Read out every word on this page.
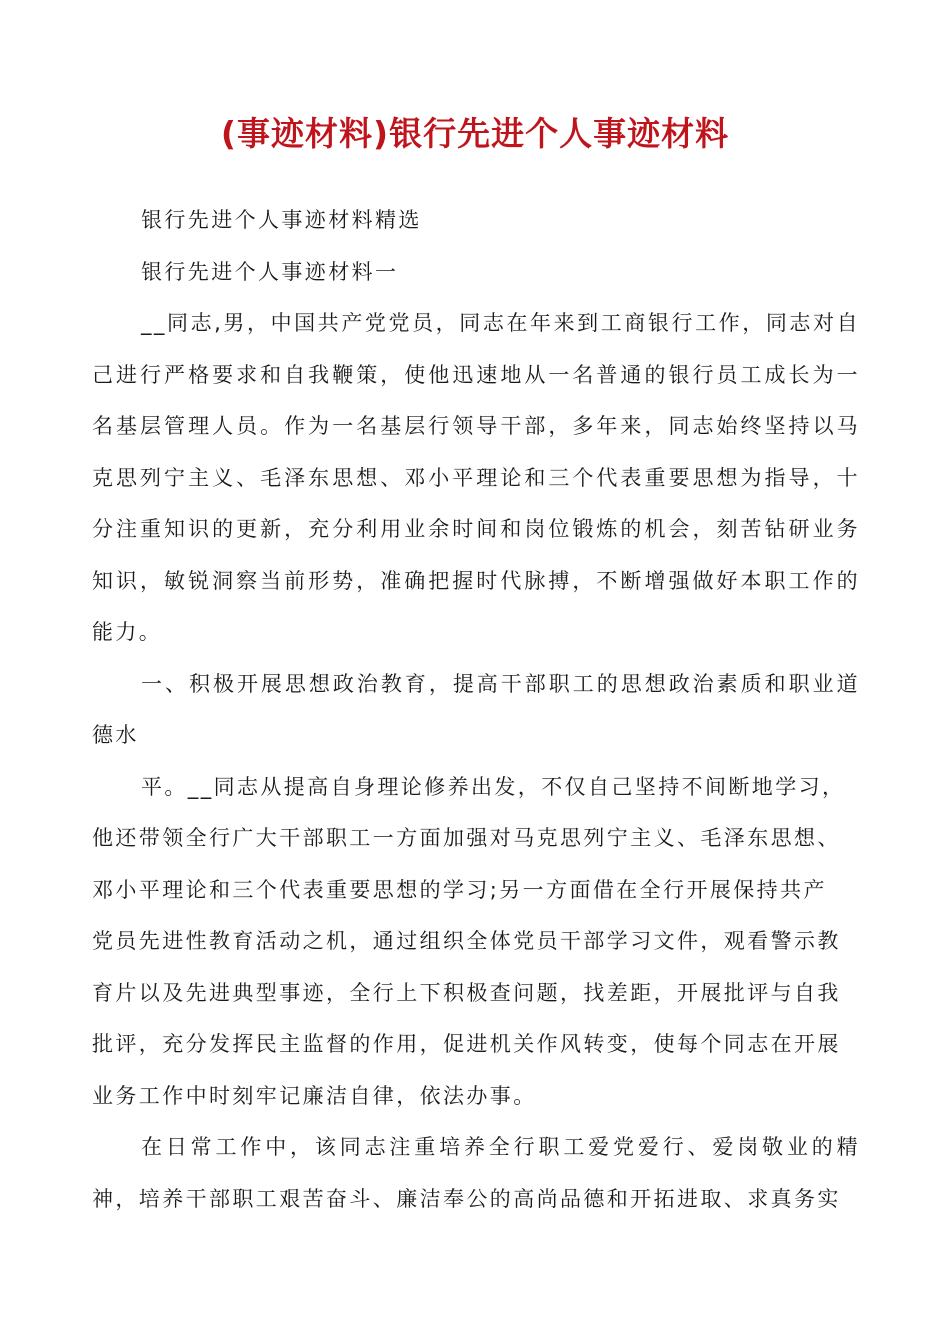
(事迹材料)银行先进个人事迹材料

银行先进个人事迹材料精选

银行先进个人事迹材料一

__同志,男，中国共产党党员，同志在年来到工商银行工作，同志对自己进行严格要求和自我鞭策，使他迅速地从一名普通的银行员工成长为一名基层管理人员。作为一名基层行领导干部，多年来，同志始终坚持以马克思列宁主义、毛泽东思想、邓小平理论和三个代表重要思想为指导，十分注重知识的更新，充分利用业余时间和岗位锻炼的机会，刻苦钻研业务知识，敏锐洞察当前形势，准确把握时代脉搏，不断增强做好本职工作的能力。

一、积极开展思想政治教育，提高干部职工的思想政治素质和职业道德水

平。__同志从提高自身理论修养出发，不仅自己坚持不间断地学习，
他还带领全行广大干部职工一方面加强对马克思列宁主义、毛泽东思想、
邓小平理论和三个代表重要思想的学习;另一方面借在全行开展保持共产
党员先进性教育活动之机，通过组织全体党员干部学习文件，观看警示教
育片以及先进典型事迹，全行上下积极查问题，找差距，开展批评与自我
批评，充分发挥民主监督的作用，促进机关作风转变，使每个同志在开展
业务工作中时刻牢记廉洁自律，依法办事。

在日常工作中，该同志注重培养全行职工爱党爱行、爱岗敬业的精神，培养干部职工艰苦奋斗、廉洁奉公的高尚品德和开拓进取、求真务实
